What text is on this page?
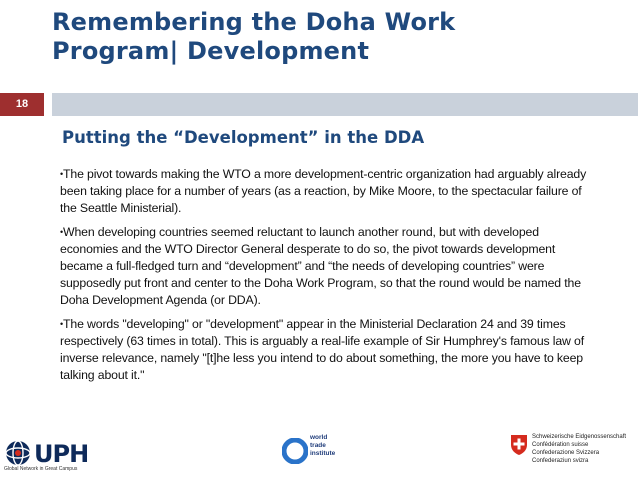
Remembering the Doha Work
Program| Development
18
Putting the “Development” in the DDA

•The pivot towards making the WTO a more development-centric organization had arguably already been taking place for a number of years (as a reaction, by Mike Moore, to the spectacular failure of the Seattle Ministerial).

•When developing countries seemed reluctant to launch another round, but with developed economies and the WTO Director General desperate to do so, the pivot towards development became a full-fledged turn and “development” and “the needs of developing countries” were supposedly put front and center to the Doha Work Program, so that the round would be named the Doha Development Agenda (or DDA).

•The words "developing" or "development" appear in the Ministerial Declaration 24 and 39 times respectively (63 times in total). This is arguably a real-life example of Sir Humphrey's famous law of inverse relevance, namely "[t]he less you intend to do about something, the more you have to keep talking about it."

UPH
Global Network in Great Campus
world
trade
institute
Schweizerische Eidgenossenschaft
Confédération suisse
Confederazione Svizzera
Confederaziun svizra
